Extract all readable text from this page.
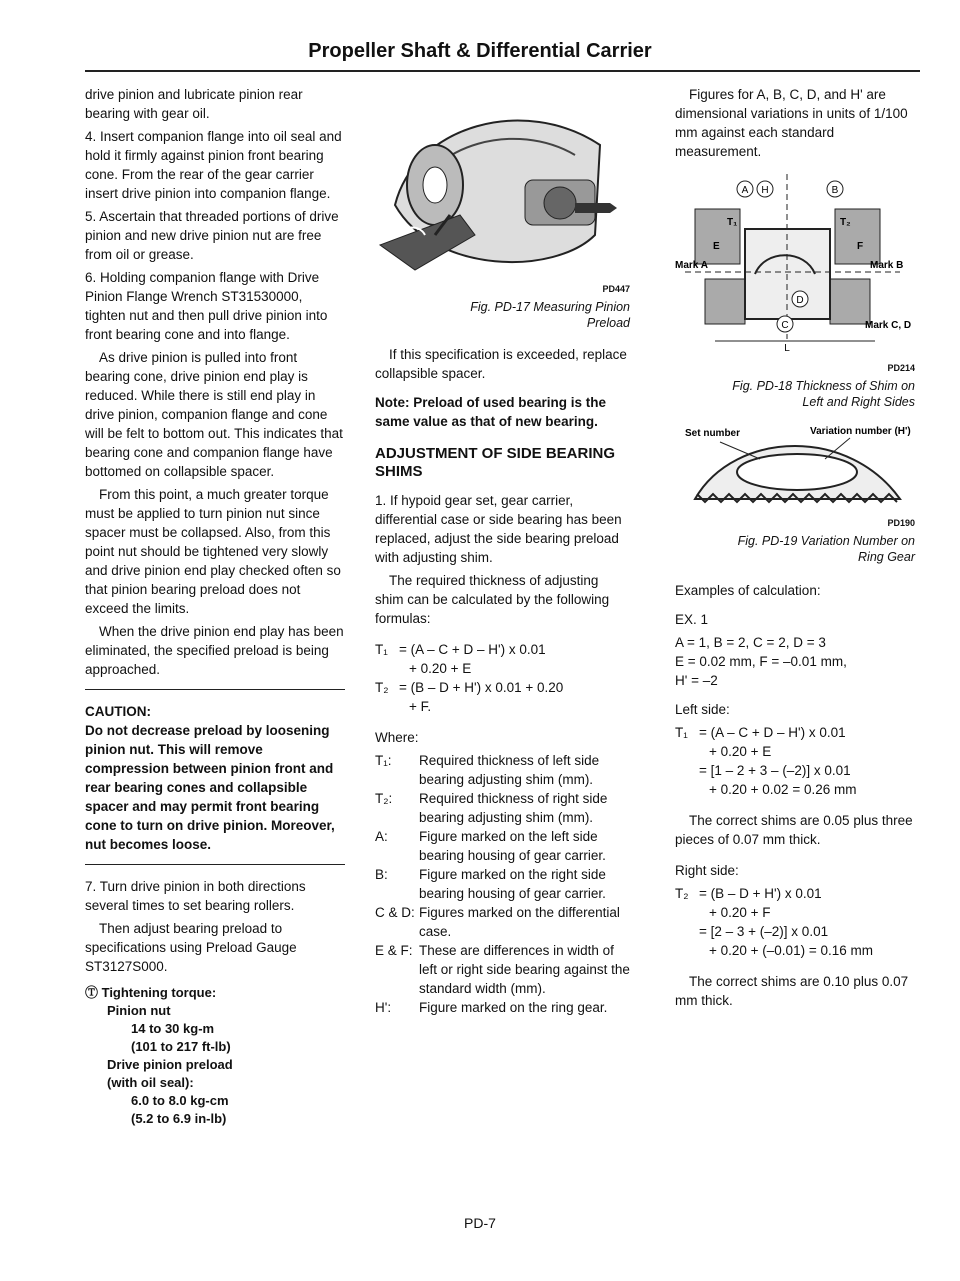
Propeller Shaft & Differential Carrier

drive pinion and lubricate pinion rear bearing with gear oil.

4. Insert companion flange into oil seal and hold it firmly against pinion front bearing cone. From the rear of the gear carrier insert drive pinion into companion flange.

5. Ascertain that threaded portions of drive pinion and new drive pinion nut are free from oil or grease.

6. Holding companion flange with Drive Pinion Flange Wrench ST31530000, tighten nut and then pull drive pinion into front bearing cone and into flange.

As drive pinion is pulled into front bearing cone, drive pinion end play is reduced. While there is still end play in drive pinion, companion flange and cone will be felt to bottom out. This indicates that bearing cone and companion flange have bottomed on collapsible spacer.

From this point, a much greater torque must be applied to turn pinion nut since spacer must be collapsed. Also, from this point nut should be tightened very slowly and drive pinion end play checked often so that pinion bearing preload does not exceed the limits.

When the drive pinion end play has been eliminated, the specified preload is being approached.

CAUTION:
Do not decrease preload by loosening pinion nut. This will remove compression between pinion front and rear bearing cones and collapsible spacer and may permit front bearing cone to turn on drive pinion. Moreover, nut becomes loose.

7. Turn drive pinion in both directions several times to set bearing rollers.

Then adjust bearing preload to specifications using Preload Gauge ST3127S000.

Ⓣ Tightening torque:
Pinion nut
14 to 30 kg-m
(101 to 217 ft-lb)
Drive pinion preload
(with oil seal):
6.0 to 8.0 kg-cm
(5.2 to 6.9 in-lb)
PD447
Fig. PD-17 Measuring Pinion
Preload

If this specification is exceeded, replace collapsible spacer.

Note: Preload of used bearing is the same value as that of new bearing.

ADJUSTMENT OF SIDE BEARING SHIMS

1. If hypoid gear set, gear carrier, differential case or side bearing has been replaced, adjust the side bearing preload with adjusting shim.

The required thickness of adjusting shim can be calculated by the following formulas:

T₁ = (A – C + D – H') x 0.01
+ 0.20 + E
T₂ = (B – D + H') x 0.01 + 0.20
+ F.

Where:

T₁:	Required thickness of left side bearing adjusting shim (mm).
T₂:	Required thickness of right side bearing adjusting shim (mm).
A:	Figure marked on the left side bearing housing of gear carrier.
B:	Figure marked on the right side bearing housing of gear carrier.
C & D: Figures marked on the differential case.
E & F: These are differences in width of left or right side bearing against the standard width (mm).
H':	Figure marked on the ring gear.

Figures for A, B, C, D, and H' are dimensional variations in units of 1/100 mm against each standard measurement.

A	B
H
D
C
T₁	T₂
E	F
Mark A	Mark B
Mark C, D
L
PD214
Fig. PD-18 Thickness of Shim on
Left and Right Sides
Set number	Variation number (H')
PD190
Fig. PD-19 Variation Number on
Ring Gear

Examples of calculation:

EX. 1

A = 1, B = 2, C = 2, D = 3
E = 0.02 mm, F = –0.01 mm,
H' = –2

Left side:

T₁ = (A – C + D – H') x 0.01
+ 0.20 + E
= [1 – 2 + 3 – (–2)] x 0.01
+ 0.20 + 0.02 = 0.26 mm

The correct shims are 0.05 plus three pieces of 0.07 mm thick.

Right side:

T₂ = (B – D + H') x 0.01
+ 0.20 + F
= [2 – 3 + (–2)] x 0.01
+ 0.20 + (–0.01) = 0.16 mm

The correct shims are 0.10 plus 0.07 mm thick.

PD-7
